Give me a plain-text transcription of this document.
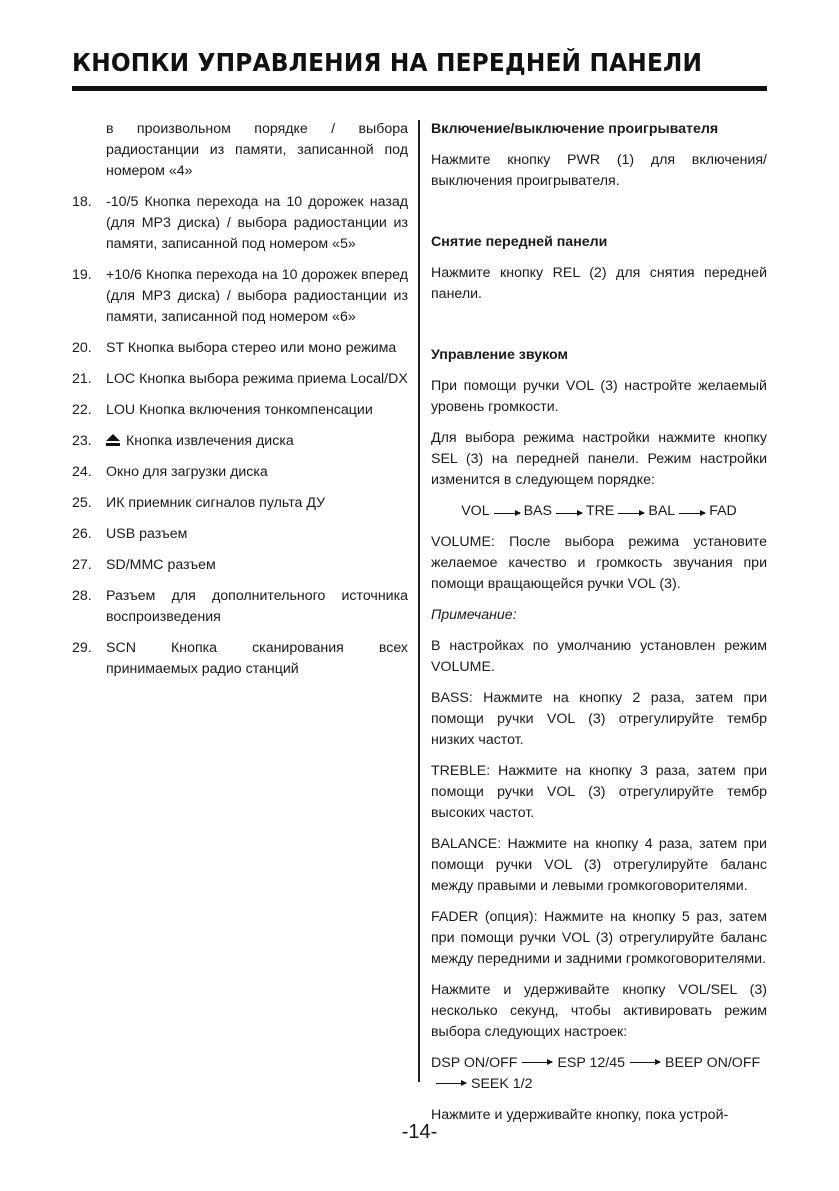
КНОПКИ УПРАВЛЕНИЯ НА ПЕРЕДНЕЙ ПАНЕЛИ
в произвольном порядке / выбора радиостанции из памяти, записанной под номером «4»
18.	-10/5 Кнопка перехода на 10 дорожек назад (для MP3 диска) / выбора радиостанции из памяти, записанной под номером «5»
19.	+10/6 Кнопка перехода на 10 дорожек вперед (для MP3 диска) / выбора радиостанции из памяти, записанной под номером «6»
20.	ST Кнопка выбора стерео или моно режима
21.	LOC Кнопка выбора режима приема Local/DX
22.	LOU Кнопка включения тонкомпенсации
23.	Кнопка извлечения диска
24.	Окно для загрузки диска
25.	ИК приемник сигналов пульта ДУ
26.	USB разъем
27.	SD/MMC разъем
28.	Разъем для дополнительного источника воспроизведения
29.	SCN Кнопка сканирования всех принимаемых радио станций
Включение/выключение проигрывателя
Нажмите кнопку PWR (1) для включения/выключения проигрывателя.
Снятие передней панели
Нажмите кнопку REL (2) для снятия передней панели.
Управление звуком
При помощи ручки VOL (3) настройте желаемый уровень громкости.
Для выбора режима настройки нажмите кнопку SEL (3) на передней панели. Режим настройки изменится в следующем порядке:
VOL BAS TRE BAL FAD
VOLUME: После выбора режима установите желаемое качество и громкость звучания при помощи вращающейся ручки VOL (3).
Примечание:
В настройках по умолчанию установлен режим VOLUME.
BASS: Нажмите на кнопку 2 раза, затем при помощи ручки VOL (3) отрегулируйте тембр низких частот.
TREBLE: Нажмите на кнопку 3 раза, затем при помощи ручки VOL (3) отрегулируйте тембр высоких частот.
BALANCE: Нажмите на кнопку 4 раза, затем при помощи ручки VOL (3) отрегулируйте баланс между правыми и левыми громкоговорителями.
FADER (опция): Нажмите на кнопку 5 раз, затем при помощи ручки VOL (3) отрегулируйте баланс между передними и задними громкоговорителями.
Нажмите и удерживайте кнопку VOL/SEL (3) несколько секунд, чтобы активировать режим выбора следующих настроек:
DSP ON/OFF	ESP 12/45	BEEP ON/OFFSEEK 1/2
Нажмите и удерживайте кнопку, пока устрой-
-14-
